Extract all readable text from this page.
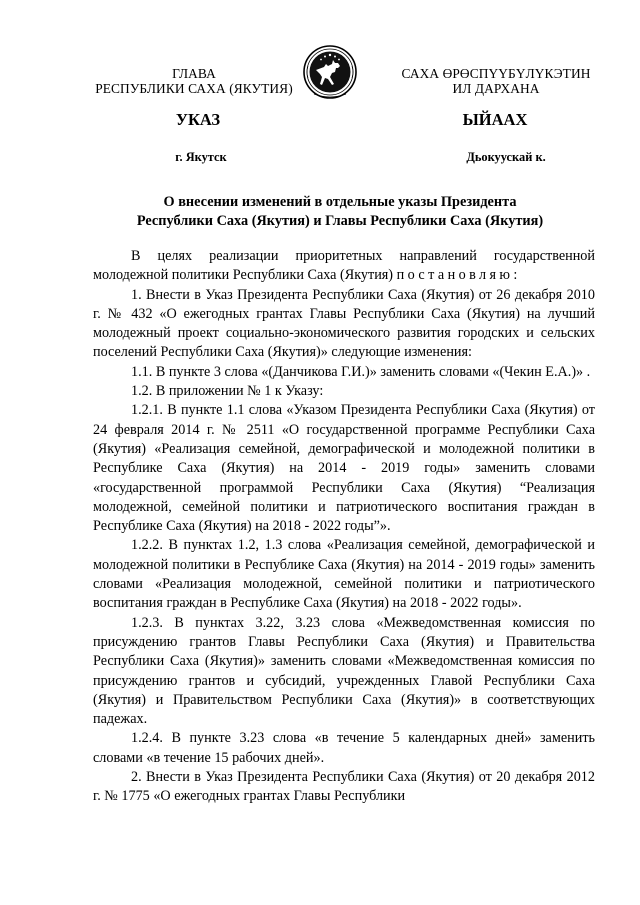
ГЛАВА
РЕСПУБЛИКИ САХА (ЯКУТИЯ)
САХА ӨРӨСПҮҮБҮЛҮКЭТИН
ИЛ ДАРХАНА
УКАЗ	ЫЙААХ
г. Якутск	Дьокуускай к.
О внесении изменений в отдельные указы Президента
Республики Саха (Якутия) и Главы Республики Саха (Якутия)

В целях реализации приоритетных направлений государственной молодежной политики Республики Саха (Якутия) постановляю:

1. Внести в Указ Президента Республики Саха (Якутия) от 26 декабря 2010 г. № 432 «О ежегодных грантах Главы Республики Саха (Якутия) на лучший молодежный проект социально-экономического развития городских и сельских поселений Республики Саха (Якутия)» следующие изменения:

1.1. В пункте 3 слова «(Данчикова Г.И.)» заменить словами «(Чекин Е.А.)» .

1.2. В приложении № 1 к Указу:

1.2.1. В пункте 1.1 слова «Указом Президента Республики Саха (Якутия) от 24 февраля 2014 г. № 2511 «О государственной программе Республики Саха (Якутия) «Реализация семейной, демографической и молодежной политики в Республике Саха (Якутия) на 2014 - 2019 годы» заменить словами «государственной программой Республики Саха (Якутия) “Реализация молодежной, семейной политики и патриотического воспитания граждан в Республике Саха (Якутия) на 2018 - 2022 годы”».

1.2.2. В пунктах 1.2, 1.3 слова «Реализация семейной, демографической и молодежной политики в Республике Саха (Якутия) на 2014 - 2019 годы» заменить словами «Реализация молодежной, семейной политики и патриотического воспитания граждан в Республике Саха (Якутия) на 2018 - 2022 годы».

1.2.3. В пунктах 3.22, 3.23 слова «Межведомственная комиссия по присуждению грантов Главы Республики Саха (Якутия) и Правительства Республики Саха (Якутия)» заменить словами «Межведомственная комиссия по присуждению грантов и субсидий, учрежденных Главой Республики Саха (Якутия) и Правительством Республики Саха (Якутия)» в соответствующих падежах.

1.2.4. В пункте 3.23 слова «в течение 5 календарных дней» заменить словами «в течение 15 рабочих дней».

2. Внести в Указ Президента Республики Саха (Якутия) от 20 декабря 2012 г. № 1775 «О ежегодных грантах Главы Республики
